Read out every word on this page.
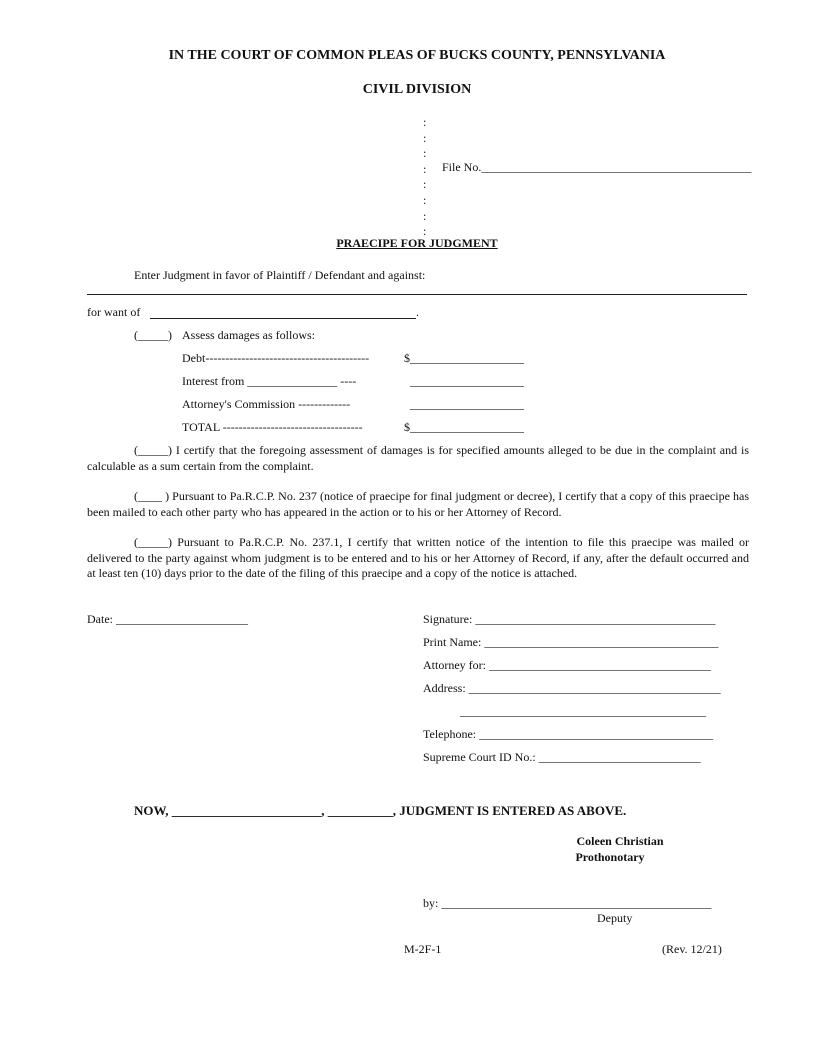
IN THE COURT OF COMMON PLEAS OF BUCKS COUNTY, PENNSYLVANIA
CIVIL DIVISION
:
:
:
:
:
:
:
:
File No._____________________________________________
PRAECIPE FOR JUDGMENT
Enter Judgment in favor of Plaintiff / Defendant and against:
for want of	.
(_____) Assess damages as follows:
Debt-----------------------------------------	$ ___________________
Interest from _______________ ----	___________________
Attorney's Commission -------------	___________________
TOTAL -----------------------------------	$ ___________________
(_____) I certify that the foregoing assessment of damages is for specified amounts alleged to be due in the complaint and is calculable as a sum certain from the complaint.
(____ ) Pursuant to Pa.R.C.P. No. 237 (notice of praecipe for final judgment or decree), I certify that a copy of this praecipe has been mailed to each other party who has appeared in the action or to his or her Attorney of Record.
(_____) Pursuant to Pa.R.C.P. No. 237.1, I certify that written notice of the intention to file this praecipe was mailed or delivered to the party against whom judgment is to be entered and to his or her Attorney of Record, if any, after the default occurred and at least ten (10) days prior to the date of the filing of this praecipe and a copy of the notice is attached.
Date: ______________________	Signature: ________________________________________
Print Name: _______________________________________
Attorney for: _____________________________________
Address: __________________________________________
_________________________________________
Telephone: _______________________________________
Supreme Court ID No.: ___________________________
NOW, _______________________, __________, JUDGMENT IS ENTERED AS ABOVE.
Coleen Christian
Prothonotary
by: _____________________________________________
Deputy
M-2F-1	(Rev. 12/21)
